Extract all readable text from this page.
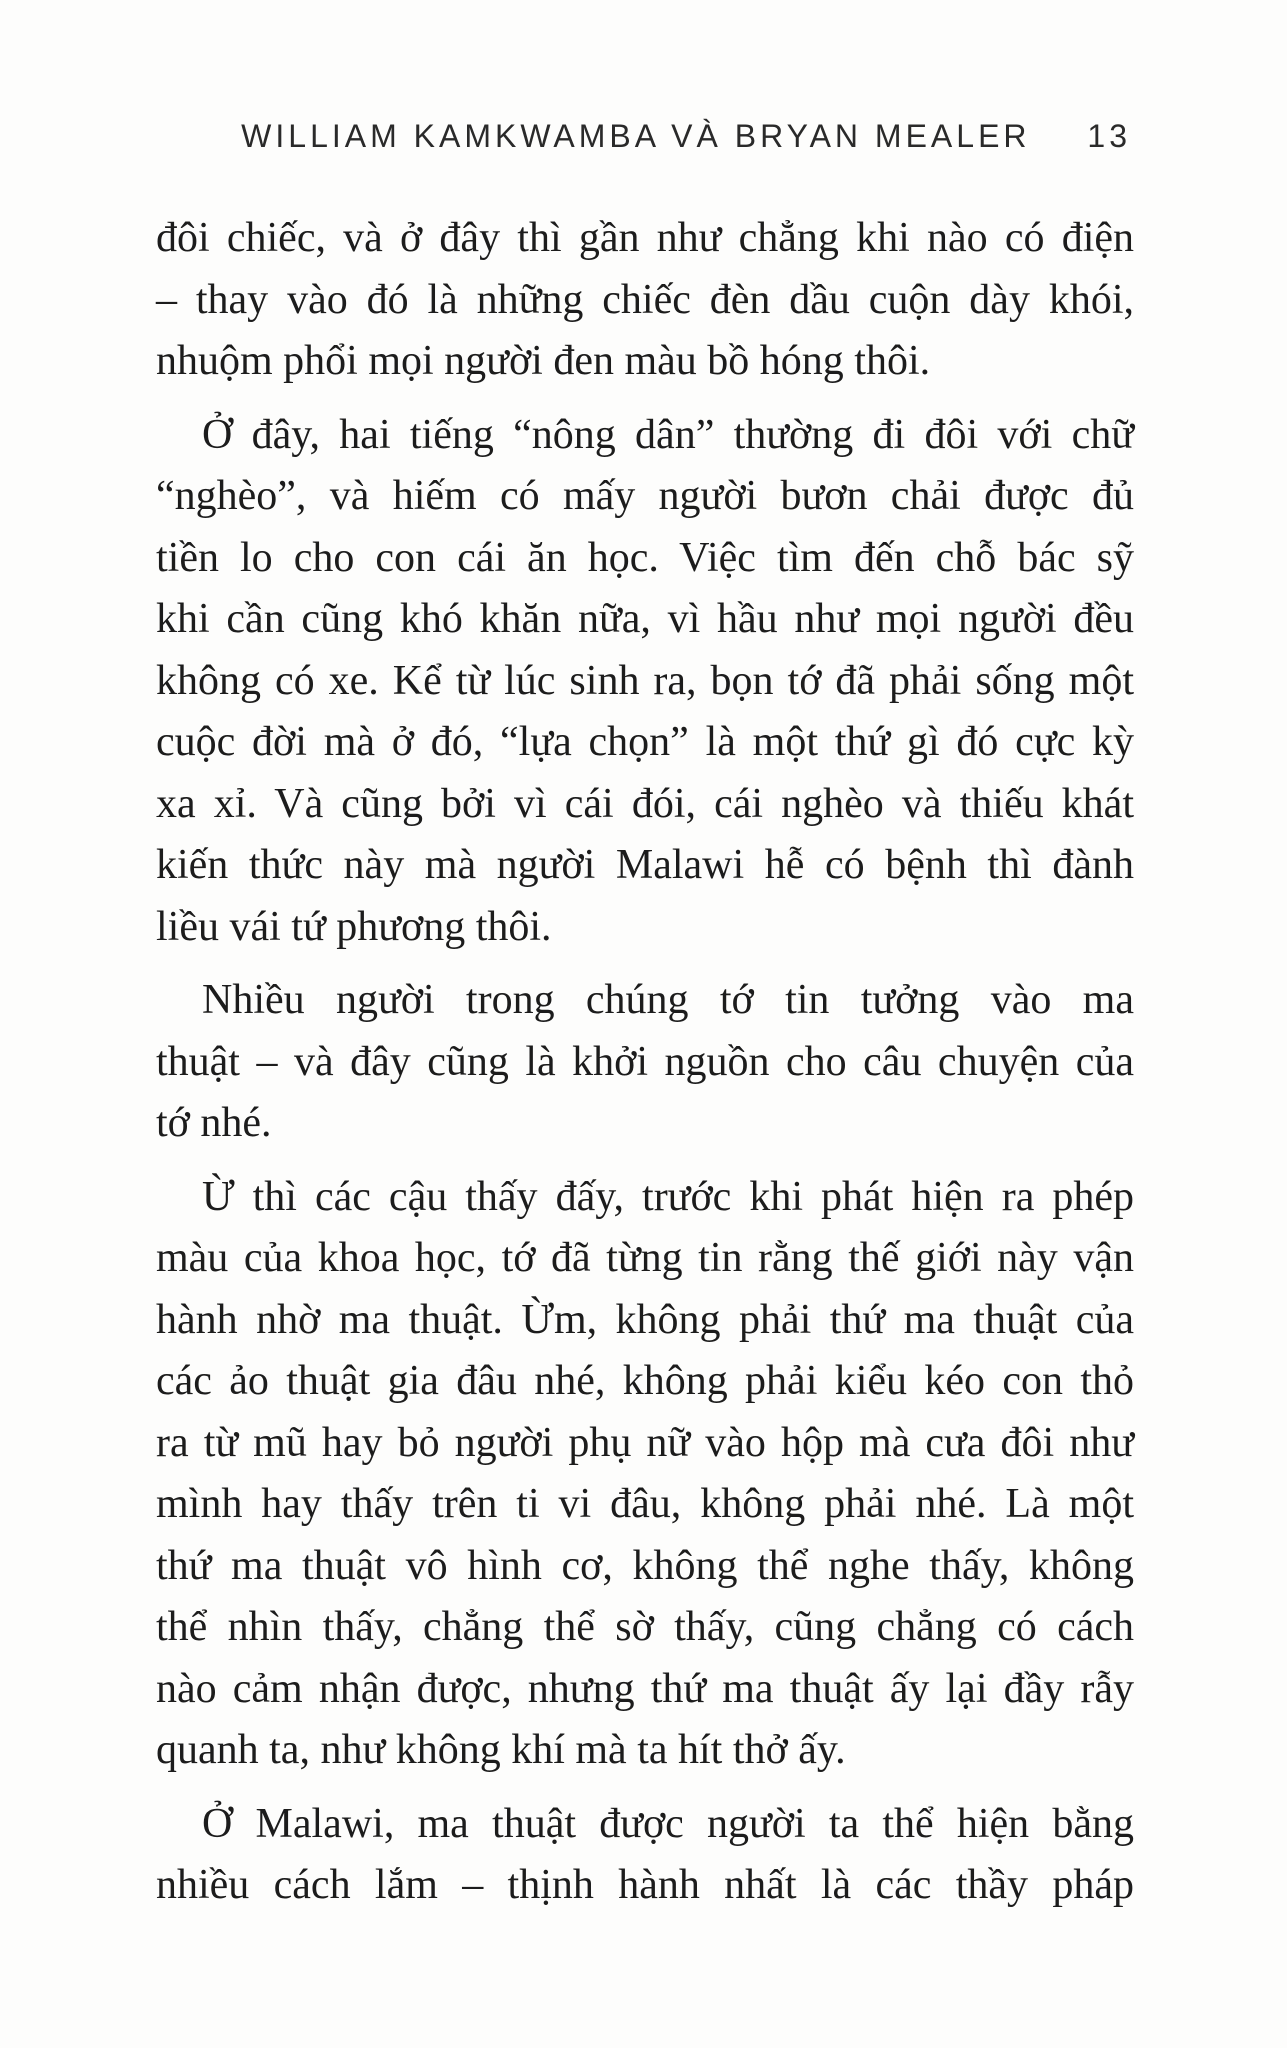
WILLIAM KAMKWAMBA VÀ BRYAN MEALER 13

đôi chiếc, và ở đây thì gần như chẳng khi nào có điện
– thay vào đó là những chiếc đèn dầu cuộn dày khói,
nhuộm phổi mọi người đen màu bồ hóng thôi.

Ở đây, hai tiếng “nông dân” thường đi đôi với chữ
“nghèo”, và hiếm có mấy người bươn chải được đủ
tiền lo cho con cái ăn học. Việc tìm đến chỗ bác sỹ
khi cần cũng khó khăn nữa, vì hầu như mọi người đều
không có xe. Kể từ lúc sinh ra, bọn tớ đã phải sống một
cuộc đời mà ở đó, “lựa chọn” là một thứ gì đó cực kỳ
xa xỉ. Và cũng bởi vì cái đói, cái nghèo và thiếu khát
kiến thức này mà người Malawi hễ có bệnh thì đành
liều vái tứ phương thôi.

Nhiều người trong chúng tớ tin tưởng vào ma
thuật – và đây cũng là khởi nguồn cho câu chuyện của
tớ nhé.

Ừ thì các cậu thấy đấy, trước khi phát hiện ra phép
màu của khoa học, tớ đã từng tin rằng thế giới này vận
hành nhờ ma thuật. Ừm, không phải thứ ma thuật của
các ảo thuật gia đâu nhé, không phải kiểu kéo con thỏ
ra từ mũ hay bỏ người phụ nữ vào hộp mà cưa đôi như
mình hay thấy trên ti vi đâu, không phải nhé. Là một
thứ ma thuật vô hình cơ, không thể nghe thấy, không
thể nhìn thấy, chẳng thể sờ thấy, cũng chẳng có cách
nào cảm nhận được, nhưng thứ ma thuật ấy lại đầy rẫy
quanh ta, như không khí mà ta hít thở ấy.

Ở Malawi, ma thuật được người ta thể hiện bằng
nhiều cách lắm – thịnh hành nhất là các thầy pháp
